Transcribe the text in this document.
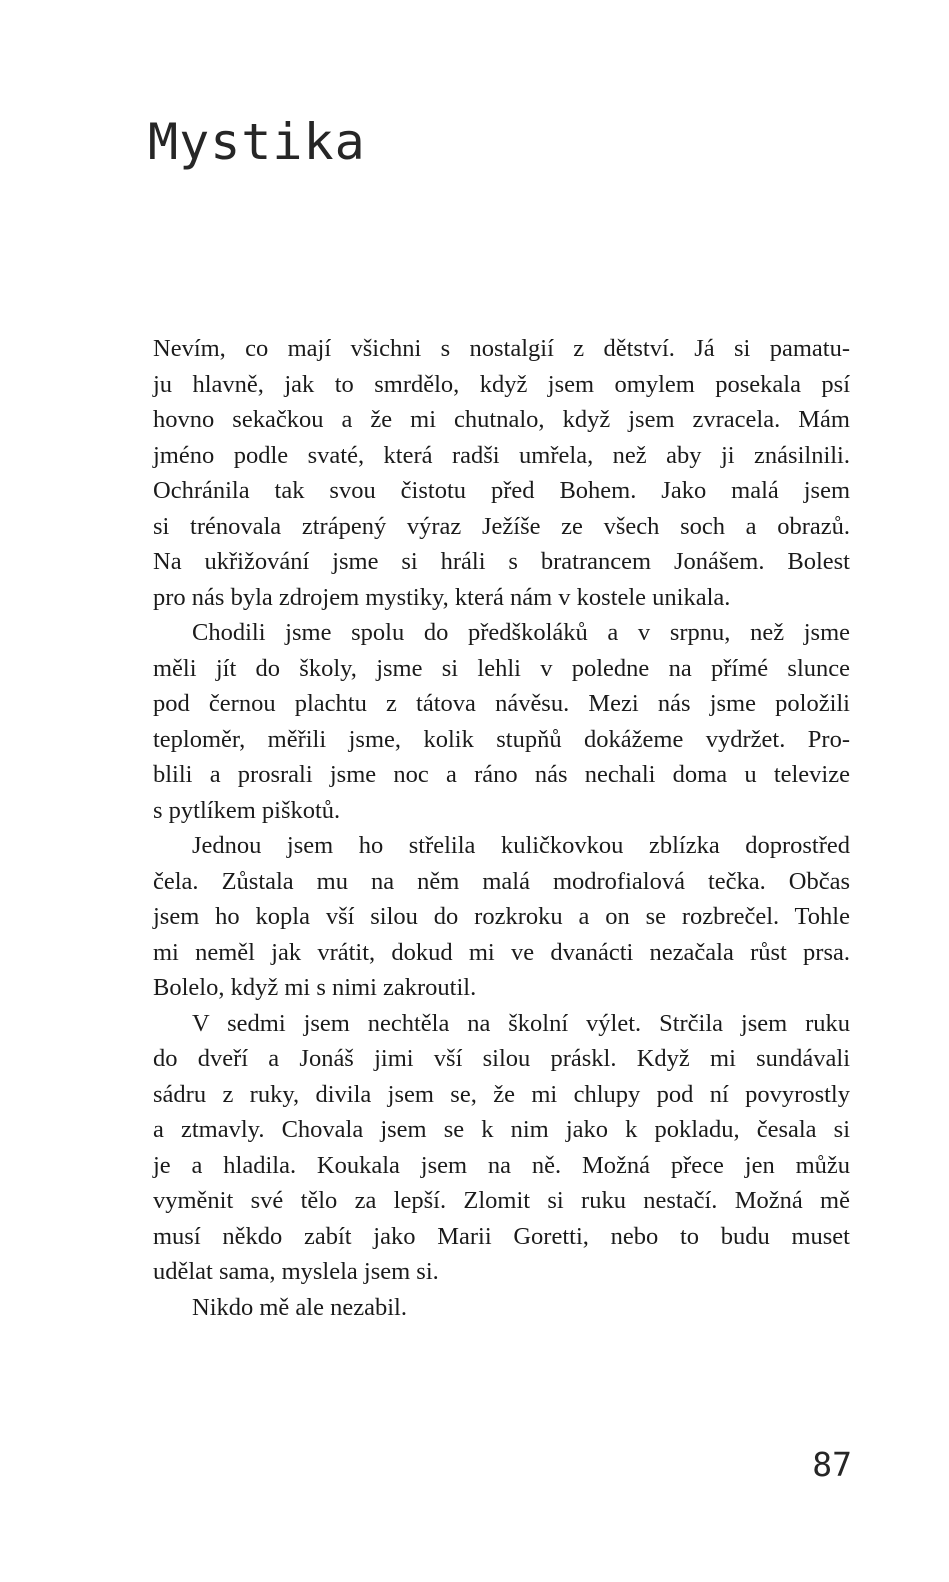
Mystika
Nevím, co mají všichni s nostalgií z dětství. Já si pamatu-
ju hlavně, jak to smrdělo, když jsem omylem posekala psí
hovno sekačkou a že mi chutnalo, když jsem zvracela. Mám
jméno podle svaté, která radši umřela, než aby ji znásilnili.
Ochránila tak svou čistotu před Bohem. Jako malá jsem
si trénovala ztrápený výraz Ježíše ze všech soch a obrazů.
Na ukřižování jsme si hráli s bratrancem Jonášem. Bolest
pro nás byla zdrojem mystiky, která nám v kostele unikala.
Chodili jsme spolu do předškoláků a v srpnu, než jsme
měli jít do školy, jsme si lehli v poledne na přímé slunce
pod černou plachtu z tátova návěsu. Mezi nás jsme položili
teploměr, měřili jsme, kolik stupňů dokážeme vydržet. Pro-
blili a prosrali jsme noc a ráno nás nechali doma u televize
s pytlíkem piškotů.
Jednou jsem ho střelila kuličkovkou zblízka doprostřed
čela. Zůstala mu na něm malá modrofialová tečka. Občas
jsem ho kopla vší silou do rozkroku a on se rozbrečel. Tohle
mi neměl jak vrátit, dokud mi ve dvanácti nezačala růst prsa.
Bolelo, když mi s nimi zakroutil.
V sedmi jsem nechtěla na školní výlet. Strčila jsem ruku
do dveří a Jonáš jimi vší silou práskl. Když mi sundávali
sádru z ruky, divila jsem se, že mi chlupy pod ní povyrostly
a ztmavly. Chovala jsem se k nim jako k pokladu, česala si
je a hladila. Koukala jsem na ně. Možná přece jen můžu
vyměnit své tělo za lepší. Zlomit si ruku nestačí. Možná mě
musí někdo zabít jako Marii Goretti, nebo to budu muset
udělat sama, myslela jsem si.
Nikdo mě ale nezabil.
87
